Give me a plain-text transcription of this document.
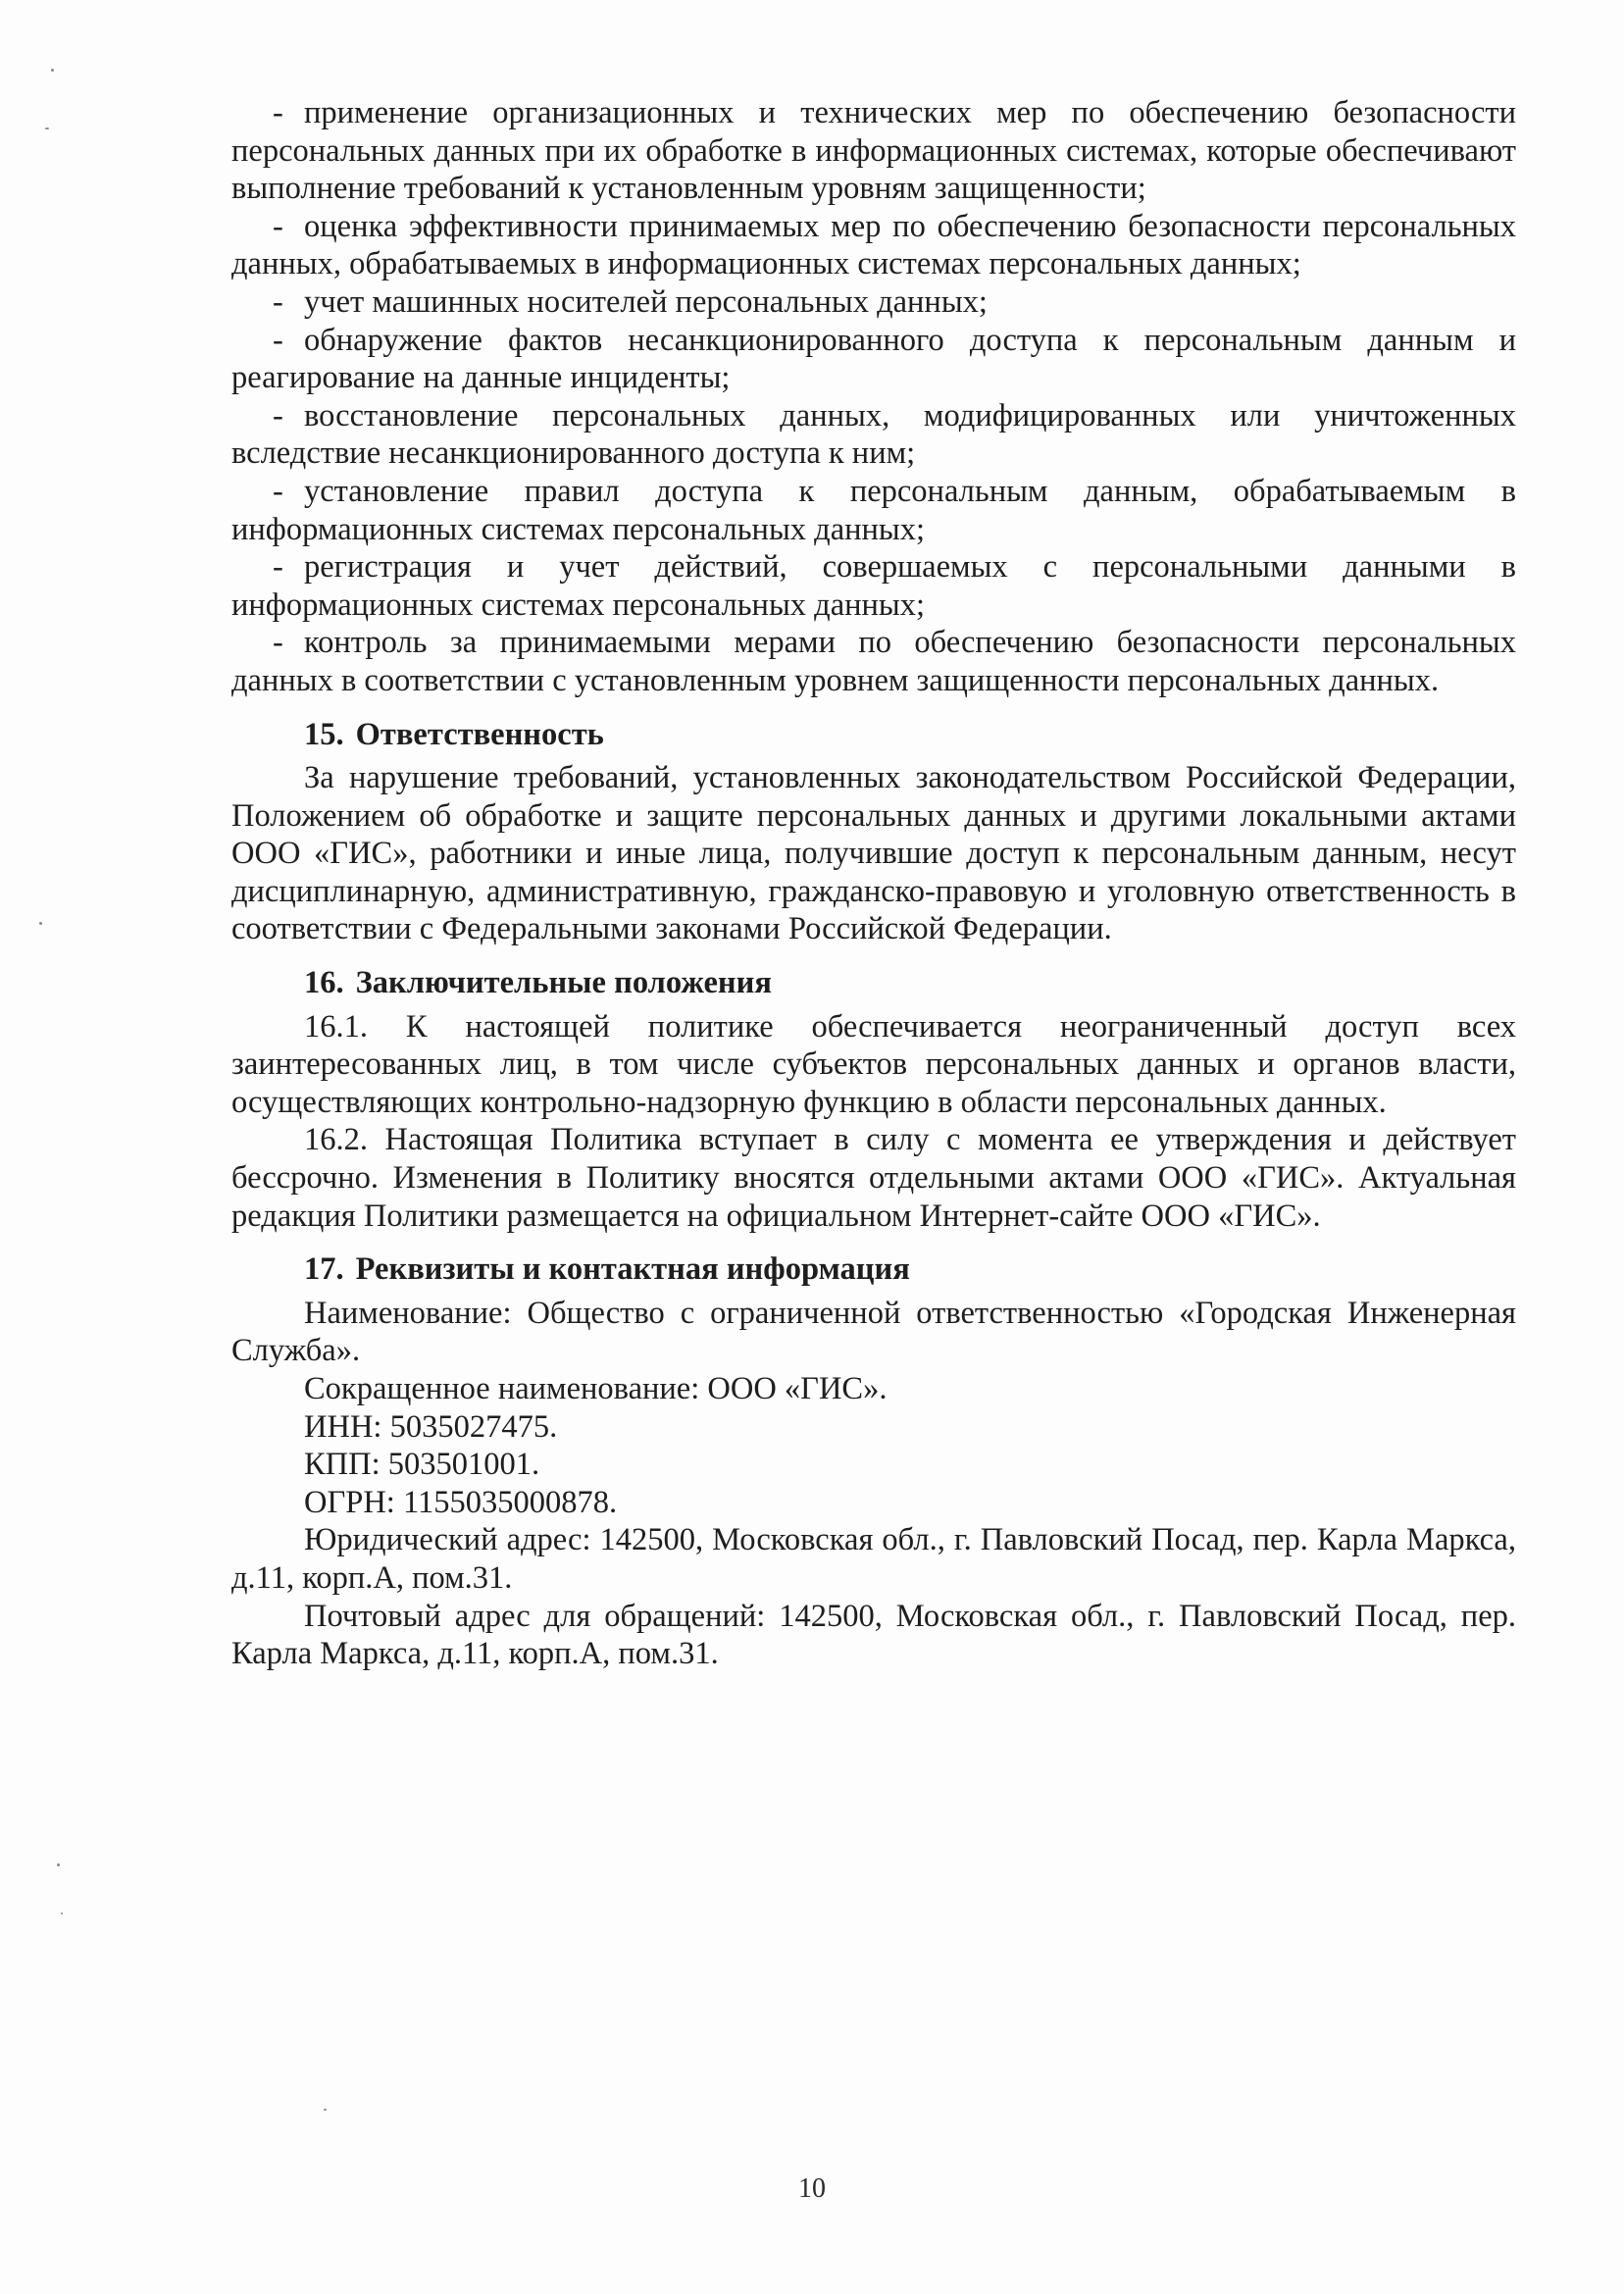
- применение организационных и технических мер по обеспечению безопасности персональных данных при их обработке в информационных системах, которые обеспечивают выполнение требований к установленным уровням защищенности;

- оценка эффективности принимаемых мер по обеспечению безопасности персональных данных, обрабатываемых в информационных системах персональных данных;

- учет машинных носителей персональных данных;

- обнаружение фактов несанкционированного доступа к персональным данным и реагирование на данные инциденты;

- восстановление персональных данных, модифицированных или уничтоженных вследствие несанкционированного доступа к ним;

- установление правил доступа к персональным данным, обрабатываемым в информационных системах персональных данных;

- регистрация и учет действий, совершаемых с персональными данными в информационных системах персональных данных;

- контроль за принимаемыми мерами по обеспечению безопасности персональных данных в соответствии с установленным уровнем защищенности персональных данных.

15. Ответственность

За нарушение требований, установленных законодательством Российской Федерации, Положением об обработке и защите персональных данных и другими локальными актами ООО «ГИС», работники и иные лица, получившие доступ к персональным данным, несут дисциплинарную, административную, гражданско-правовую и уголовную ответственность в соответствии с Федеральными законами Российской Федерации.

16. Заключительные положения

16.1. К настоящей политике обеспечивается неограниченный доступ всех заинтересованных лиц, в том числе субъектов персональных данных и органов власти, осуществляющих контрольно-надзорную функцию в области персональных данных.

16.2. Настоящая Политика вступает в силу с момента ее утверждения и действует бессрочно. Изменения в Политику вносятся отдельными актами ООО «ГИС». Актуальная редакция Политики размещается на официальном Интернет-сайте ООО «ГИС».

17. Реквизиты и контактная информация

Наименование: Общество с ограниченной ответственностью «Городская Инженерная Служба».

Сокращенное наименование: ООО «ГИС».

ИНН: 5035027475.

КПП: 503501001.

ОГРН: 1155035000878.

Юридический адрес: 142500, Московская обл., г. Павловский Посад, пер. Карла Маркса, д.11, корп.А, пом.31.

Почтовый адрес для обращений: 142500, Московская обл., г. Павловский Посад, пер. Карла Маркса, д.11, корп.А, пом.31.

10
